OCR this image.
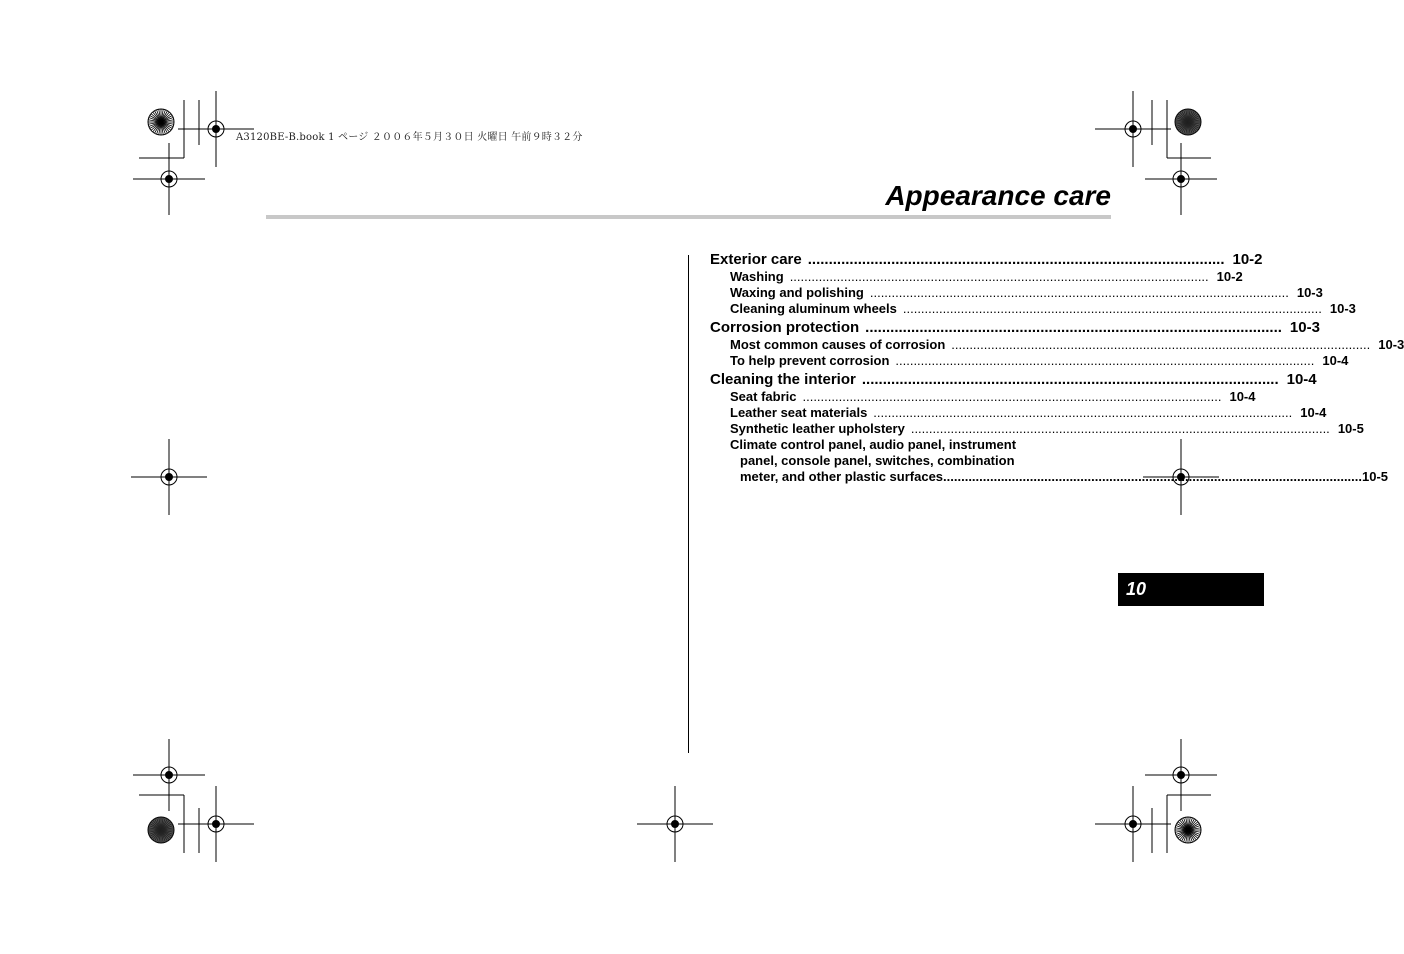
A3120BE-B.book 1 ページ ２００６年５月３０日 火曜日 午前９時３２分
Appearance care
Exterior care .................................................................................................... 10-2
Washing .................................................................................................................... 10-2
Waxing and polishing .................................................................................................................... 10-3
Cleaning aluminum wheels .................................................................................................................... 10-3
Corrosion protection .................................................................................................... 10-3
Most common causes of corrosion .................................................................................................................... 10-3
To help prevent corrosion .................................................................................................................... 10-4
Cleaning the interior .................................................................................................... 10-4
Seat fabric .................................................................................................................... 10-4
Leather seat materials .................................................................................................................... 10-4
Synthetic leather upholstery .................................................................................................................... 10-5
Climate control panel, audio panel, instrument
panel, console panel, switches, combination
meter, and other plastic surfaces .................................................................................................................... 10-5
10
